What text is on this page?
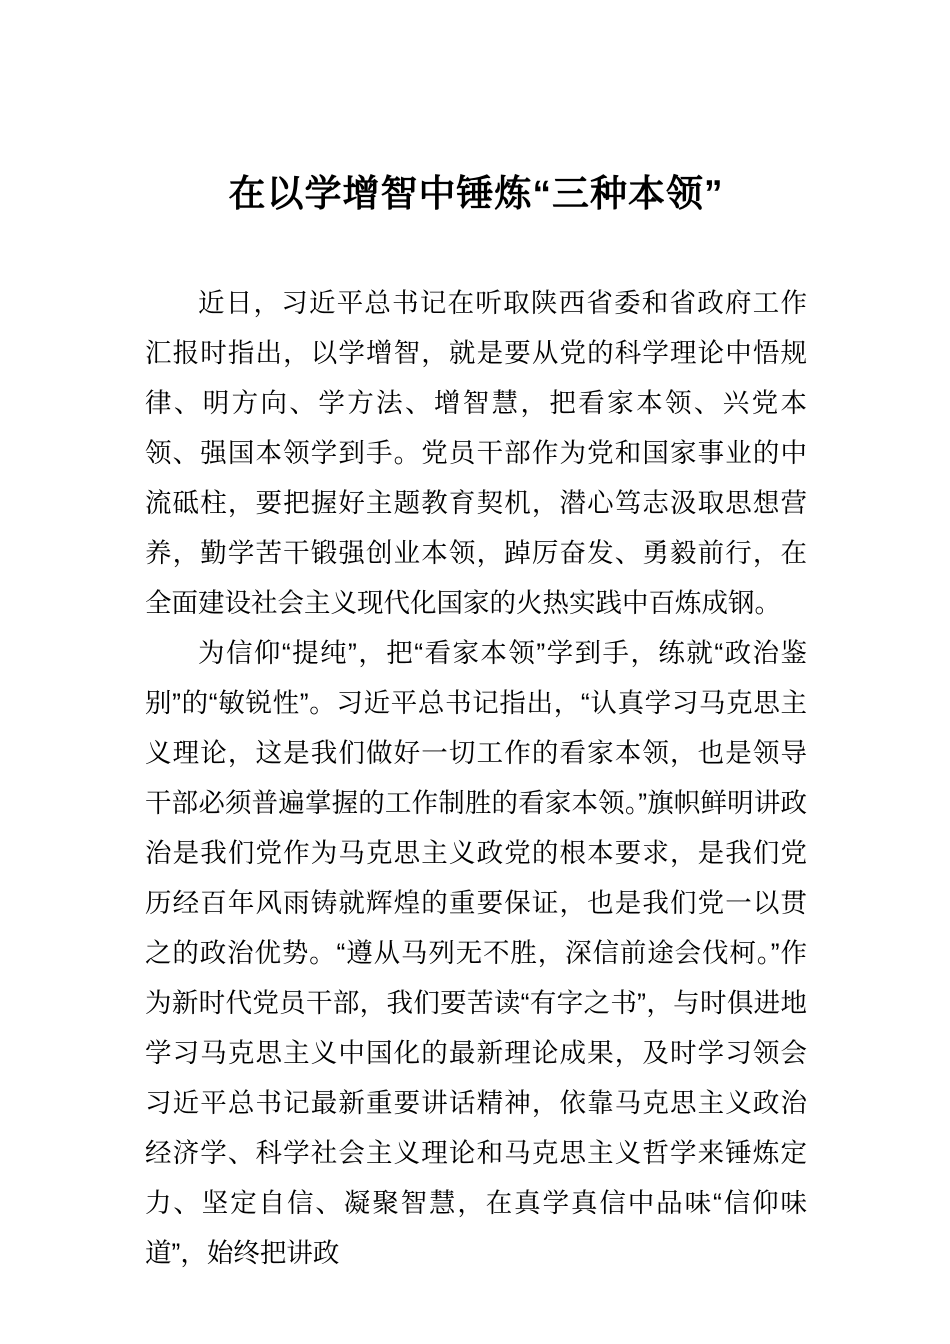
在以学增智中锤炼“三种本领”

近日，习近平总书记在听取陕西省委和省政府工作汇报时指出，以学增智，就是要从党的科学理论中悟规律、明方向、学方法、增智慧，把看家本领、兴党本领、强国本领学到手。党员干部作为党和国家事业的中流砥柱，要把握好主题教育契机，潜心笃志汲取思想营养，勤学苦干锻强创业本领，踔厉奋发、勇毅前行，在全面建设社会主义现代化国家的火热实践中百炼成钢。

为信仰“提纯”，把“看家本领”学到手，练就“政治鉴别”的“敏锐性”。习近平总书记指出，“认真学习马克思主义理论，这是我们做好一切工作的看家本领，也是领导干部必须普遍掌握的工作制胜的看家本领。”旗帜鲜明讲政治是我们党作为马克思主义政党的根本要求，是我们党历经百年风雨铸就辉煌的重要保证，也是我们党一以贯之的政治优势。“遵从马列无不胜，深信前途会伐柯。”作为新时代党员干部，我们要苦读“有字之书”，与时俱进地学习马克思主义中国化的最新理论成果，及时学习领会习近平总书记最新重要讲话精神，依靠马克思主义政治经济学、科学社会主义理论和马克思主义哲学来锤炼定力、坚定自信、凝聚智慧，在真学真信中品味“信仰味道”，始终把讲政
